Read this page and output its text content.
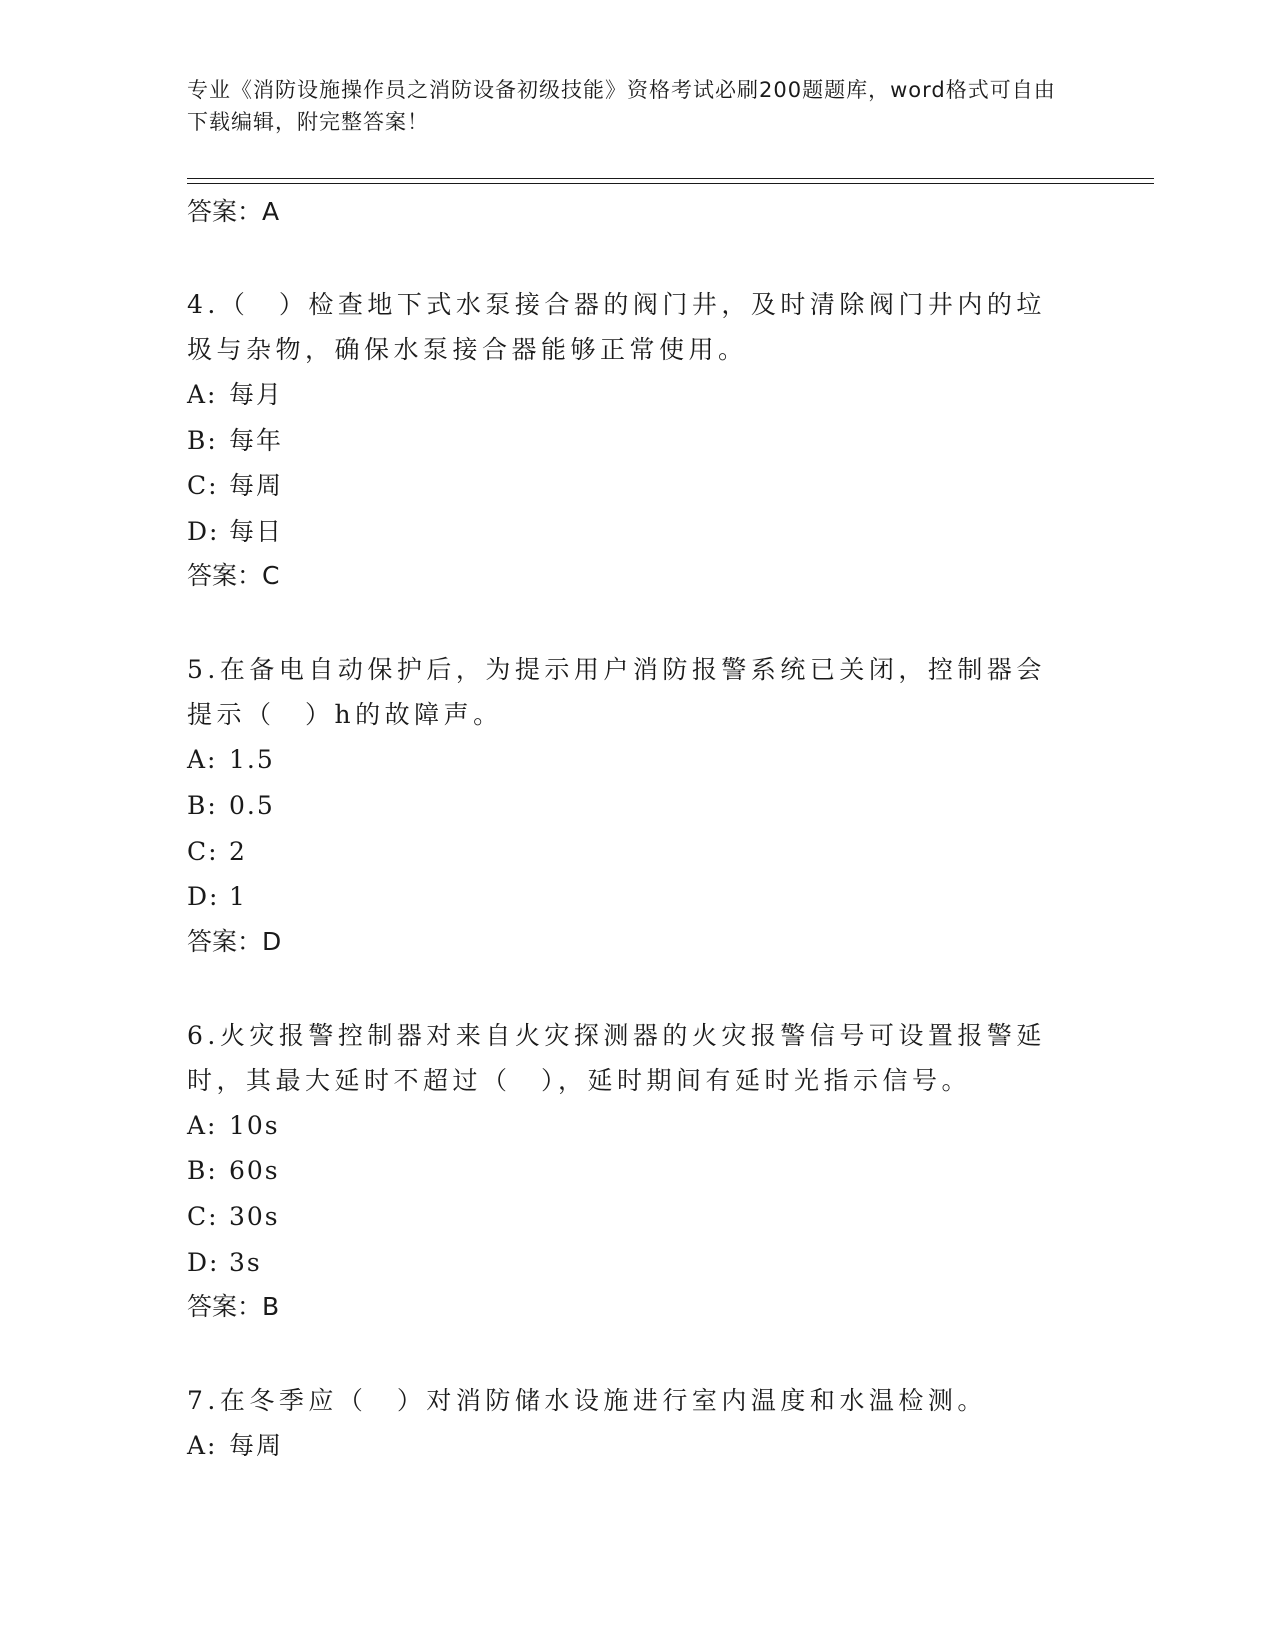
专业《消防设施操作员之消防设备初级技能》资格考试必刷200题题库，word格式可自由下载编辑，附完整答案！
答案：A

4.（　）检查地下式水泵接合器的阀门井，及时清除阀门井内的垃圾与杂物，确保水泵接合器能够正常使用。

A: 每月

B: 每年

C: 每周

D: 每日

答案：C

5.在备电自动保护后，为提示用户消防报警系统已关闭，控制器会提示（　）h的故障声。

A: 1.5

B: 0.5

C: 2

D: 1

答案：D

6.火灾报警控制器对来自火灾探测器的火灾报警信号可设置报警延时，其最大延时不超过（　），延时期间有延时光指示信号。

A: 10s

B: 60s

C: 30s

D: 3s

答案：B

7.在冬季应（　）对消防储水设施进行室内温度和水温检测。

A: 每周
